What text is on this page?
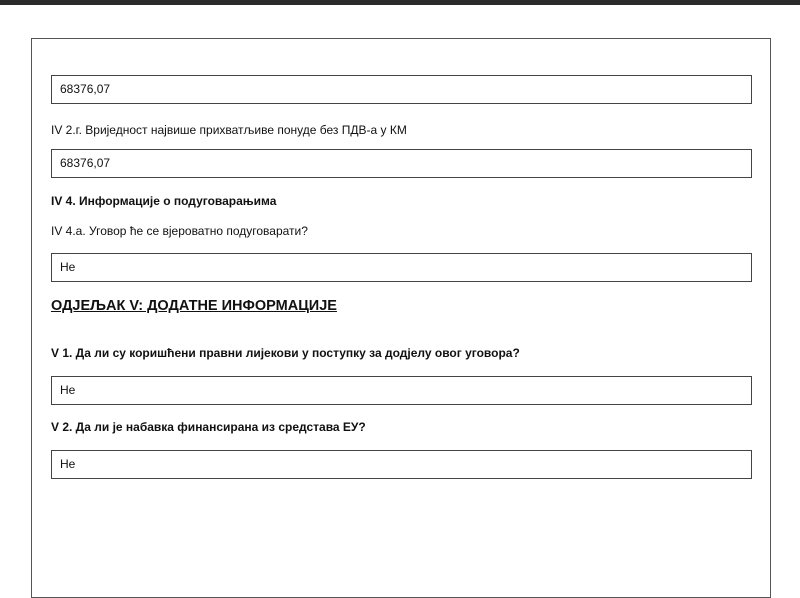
68376,07
IV 2.г. Вриједност највише прихватљиве понуде без ПДВ-а у КМ
68376,07
IV 4. Информације о подуговарањима
IV 4.а. Уговор ће се вјероватно подуговарати?
Не
ОДЈЕЉАК V: ДОДАТНЕ ИНФОРМАЦИЈЕ
V 1. Да ли су коришћени правни лијекови у поступку за додјелу овог уговора?
Не
V 2. Да ли је набавка финансирана из средстава ЕУ?
Не
